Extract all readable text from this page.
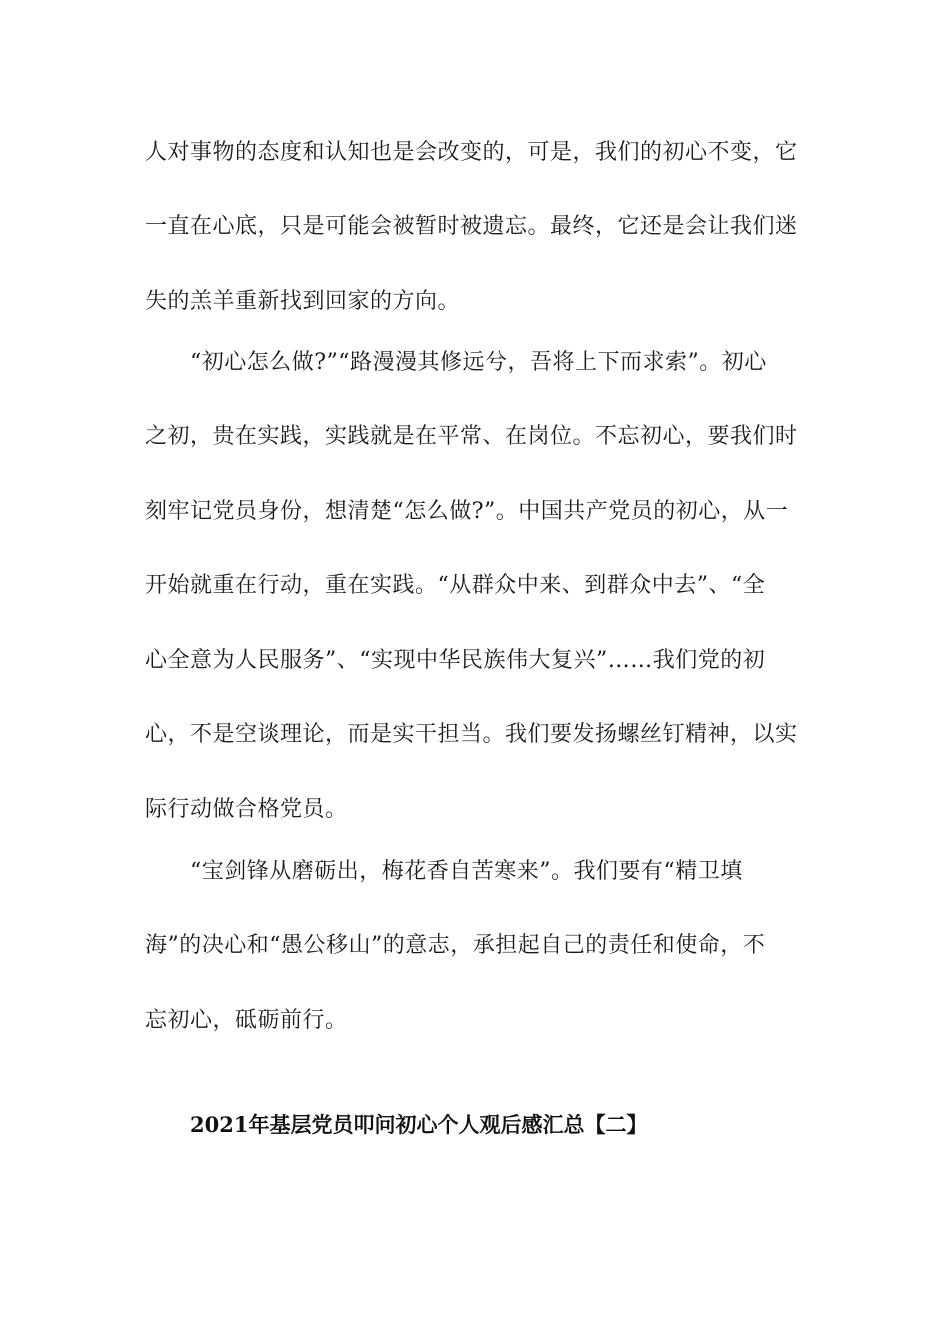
人对事物的态度和认知也是会改变的，可是，我们的初心不变，它
一直在心底，只是可能会被暂时被遗忘。最终，它还是会让我们迷
失的羔羊重新找到回家的方向。
“初心怎么做?”“路漫漫其修远兮，吾将上下而求索”。初心
之初，贵在实践，实践就是在平常、在岗位。不忘初心，要我们时
刻牢记党员身份，想清楚“怎么做?”。中国共产党员的初心，从一
开始就重在行动，重在实践。“从群众中来、到群众中去”、“全
心全意为人民服务”、“实现中华民族伟大复兴”……我们党的初
心，不是空谈理论，而是实干担当。我们要发扬螺丝钉精神，以实
际行动做合格党员。
“宝剑锋从磨砺出，梅花香自苦寒来”。我们要有“精卫填
海”的决心和“愚公移山”的意志，承担起自己的责任和使命，不
忘初心，砥砺前行。
2021年基层党员叩问初心个人观后感汇总【二】
